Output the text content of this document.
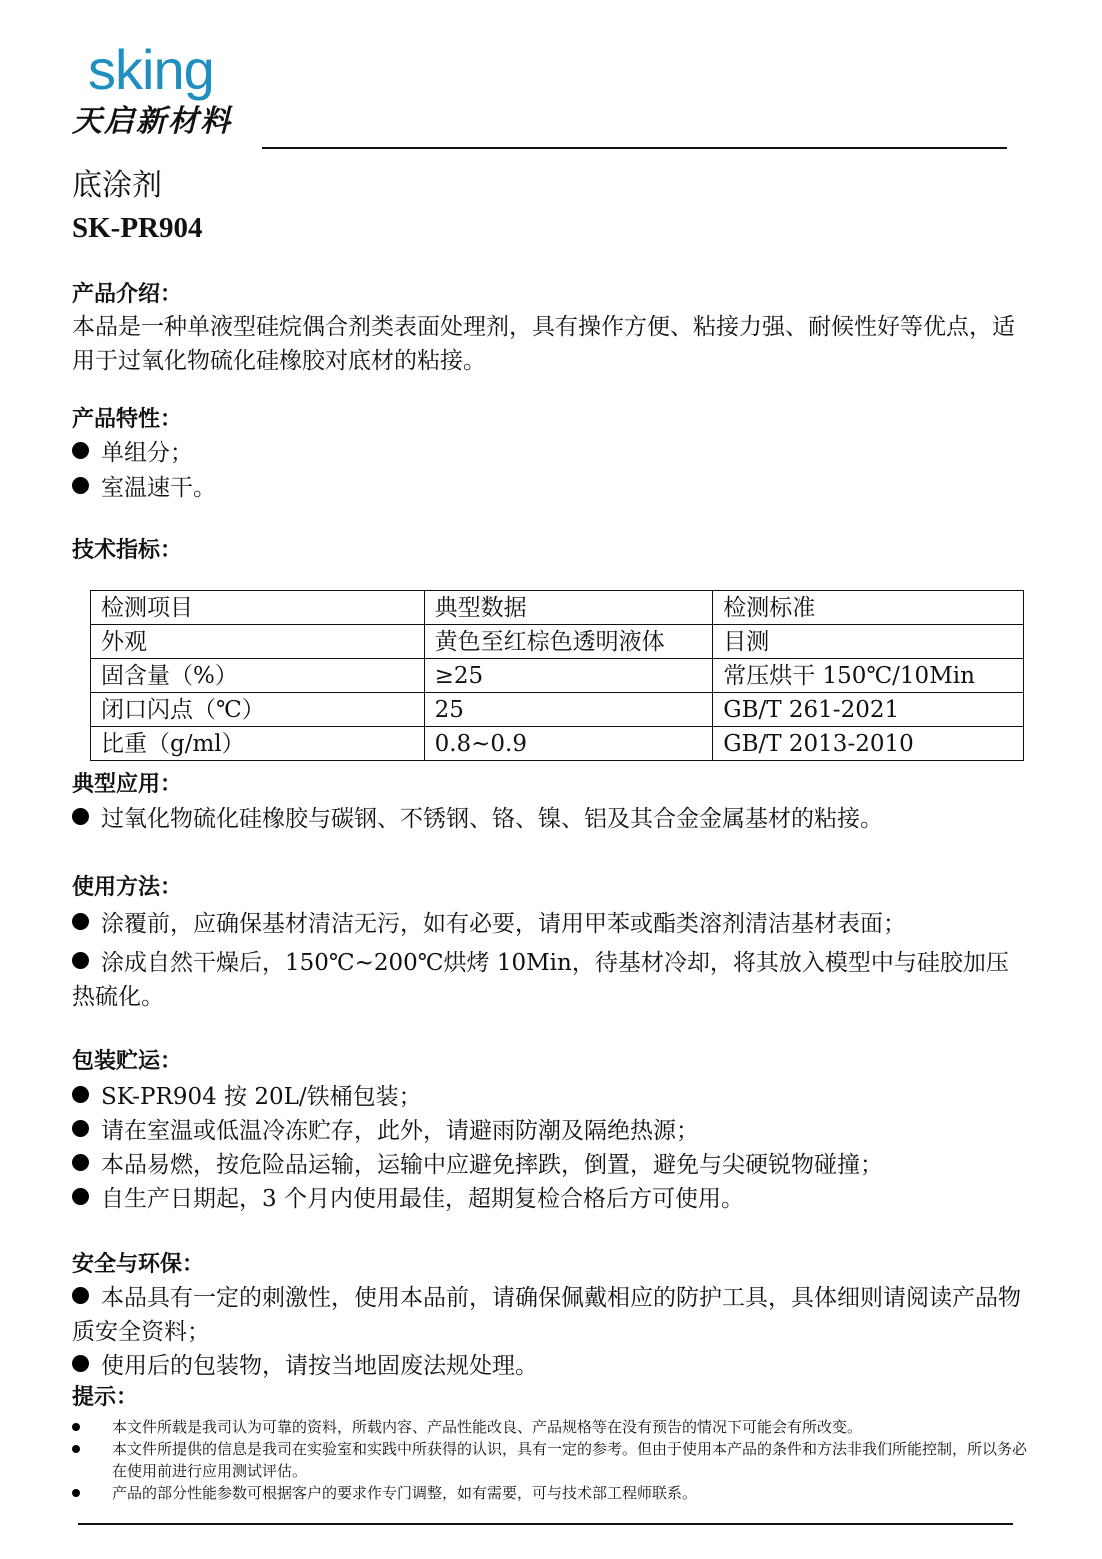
sking
天启新材料
底涂剂
SK-PR904
产品介绍：
本品是一种单液型硅烷偶合剂类表面处理剂，具有操作方便、粘接力强、耐候性好等优点，适用于过氧化物硫化硅橡胶对底材的粘接。
产品特性：
单组分；
室温速干。
技术指标：
检测项目	典型数据	检测标准
外观	黄色至红棕色透明液体	目测
固含量（%）	≥25	常压烘干 150℃/10Min
闭口闪点（℃）	25	GB/T 261-2021
比重（g/ml）	0.8~0.9	GB/T 2013-2010
典型应用：
过氧化物硫化硅橡胶与碳钢、不锈钢、铬、镍、铝及其合金金属基材的粘接。
使用方法：
涂覆前，应确保基材清洁无污，如有必要，请用甲苯或酯类溶剂清洁基材表面；
涂成自然干燥后，150℃~200℃烘烤 10Min，待基材冷却，将其放入模型中与硅胶加压热硫化。
包装贮运：
SK-PR904 按 20L/铁桶包装；
请在室温或低温冷冻贮存，此外，请避雨防潮及隔绝热源；
本品易燃，按危险品运输，运输中应避免摔跌，倒置，避免与尖硬锐物碰撞；
自生产日期起，3 个月内使用最佳，超期复检合格后方可使用。
安全与环保：
本品具有一定的刺激性，使用本品前，请确保佩戴相应的防护工具，具体细则请阅读产品物质安全资料；
使用后的包装物，请按当地固废法规处理。
提示：
本文件所载是我司认为可靠的资料，所载内容、产品性能改良、产品规格等在没有预告的情况下可能会有所改变。
本文件所提供的信息是我司在实验室和实践中所获得的认识，具有一定的参考。但由于使用本产品的条件和方法非我们所能控制，所以务必在使用前进行应用测试评估。
产品的部分性能参数可根据客户的要求作专门调整，如有需要，可与技术部工程师联系。
